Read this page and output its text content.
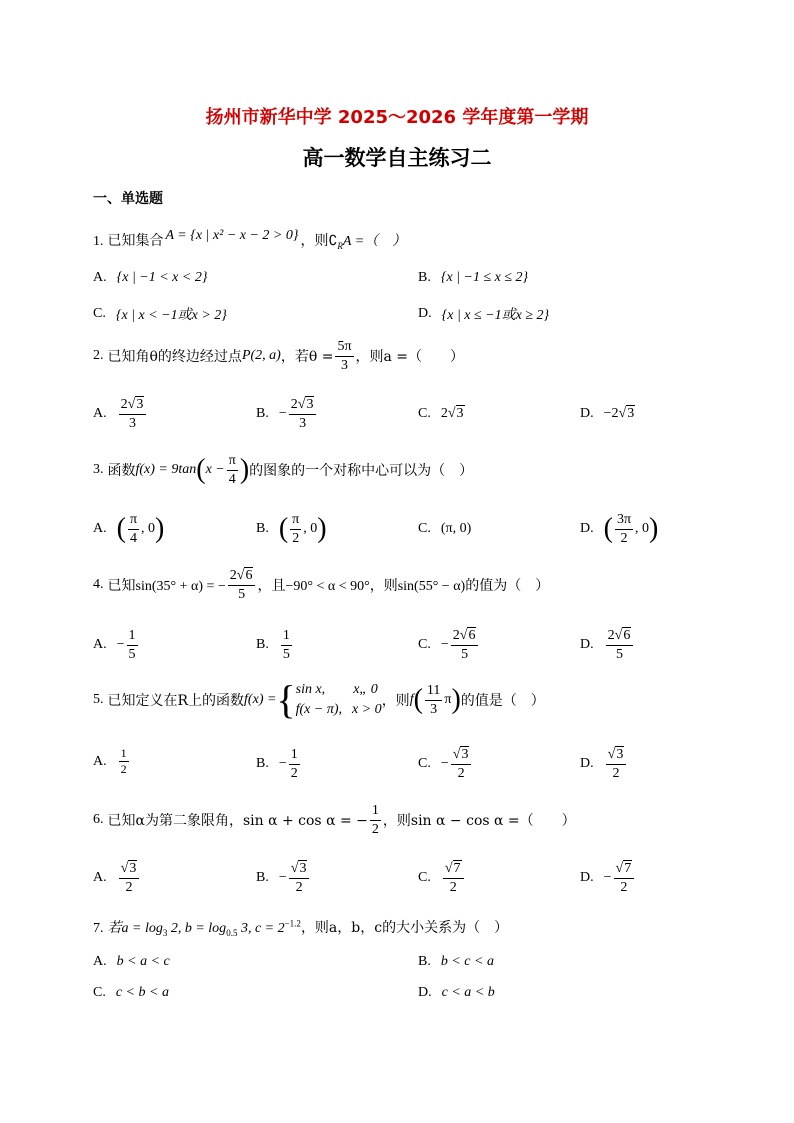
扬州市新华中学 2025～2026 学年度第一学期
高一数学自主练习二
一、单选题
1. 已知集合 A = {x | x² − x − 2 > 0} ，则$∁_RA$ =（　）
A. {x | −1 < x < 2}	B. {x | −1 ≤ x ≤ 2}
C. {x | x < −1或x > 2}	D. {x | x ≤ −1或x ≥ 2}
2. 已知角θ的终边经过点 P(2, a) ，若$\theta = \frac{5\pi}{3}$ ，则a =（　　）
A. $\frac{2√3}{3}$	B. − $\frac{2√3}{3}$	C. 2 √ 3	D. −2 √ 3
3. 函数 f(x) = 9tan ( $x - \frac{\pi}{4}$ ) 的图象的一个对称中心可以为（　）
A. ( $\frac{\pi}{4}$ , 0 )	B. ( $\frac{\pi}{2}$ , 0 )	C. (π, 0)	D. ( $\frac{3\pi}{2}$ , 0 )
4. 已知sin(35° + α) = − $\frac{2√6}{5}$ ，且−90° < α < 90°，则sin(55° − α)的值为（　）
A. − $\frac{1}{5}$	B. $\frac{1}{5}$	C. − $\frac{2√6}{5}$	D. $\frac{2√6}{5}$
5. 已知定义在R上的函数 f(x) = { sin x, x„ 0
f(x − π), x > 0
，则 f ( $\frac{11}{3}$ π ) 的值是（　）
A. $\frac{1}{2}$	B. − $\frac{1}{2}$	C. − $\frac{√3}{2}$	D. $\frac{√3}{2}$
6. 已知α为第二象限角，sin α + cos α = − $\frac{1}{2}$ ，则sin α − cos α =（　　）
A. $\frac{√3}{2}$	B. − $\frac{√3}{2}$	C. $\frac{√7}{2}$	D. − $\frac{√7}{2}$
7. 若$a = \log_3 2$, $b = \log_{0.5} 3$, $c = 2^{-1.2}$，则a，b，c的大小关系为（　）
A. b < a < c	B. b < c < a
C. c < b < a	D. c < a < b
